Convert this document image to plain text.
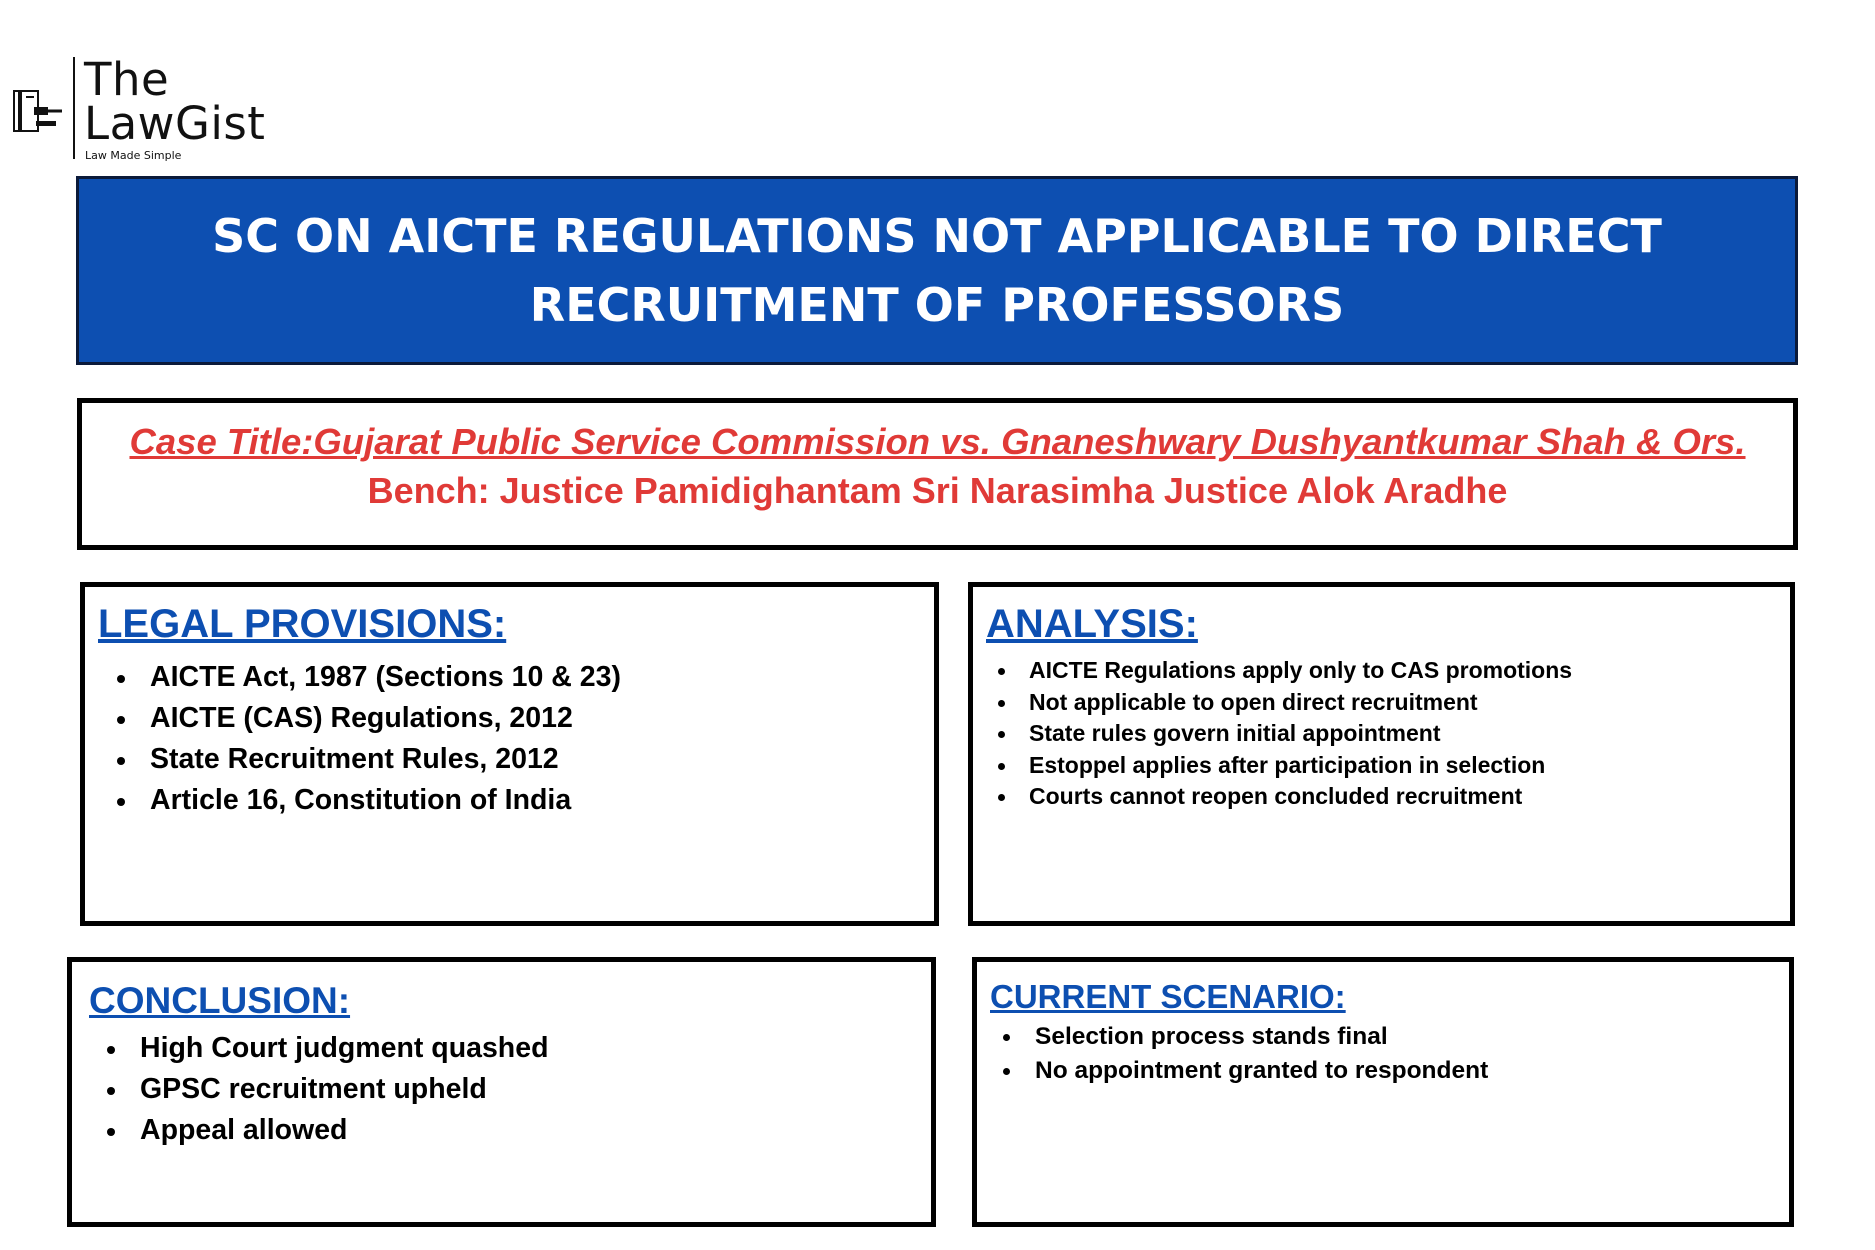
The
LawGist
Law Made Simple
SC ON AICTE REGULATIONS NOT APPLICABLE TO DIRECT RECRUITMENT OF PROFESSORS
Case Title:Gujarat Public Service Commission vs. Gnaneshwary Dushyantkumar Shah & Ors.
Bench: Justice Pamidighantam Sri Narasimha Justice Alok Aradhe
LEGAL PROVISIONS:
AICTE Act, 1987 (Sections 10 & 23)
AICTE (CAS) Regulations, 2012
State Recruitment Rules, 2012
Article 16, Constitution of India
ANALYSIS:
AICTE Regulations apply only to CAS promotions
Not applicable to open direct recruitment
State rules govern initial appointment
Estoppel applies after participation in selection
Courts cannot reopen concluded recruitment
CONCLUSION:
High Court judgment quashed
GPSC recruitment upheld
Appeal allowed
CURRENT SCENARIO:
Selection process stands final
No appointment granted to respondent
